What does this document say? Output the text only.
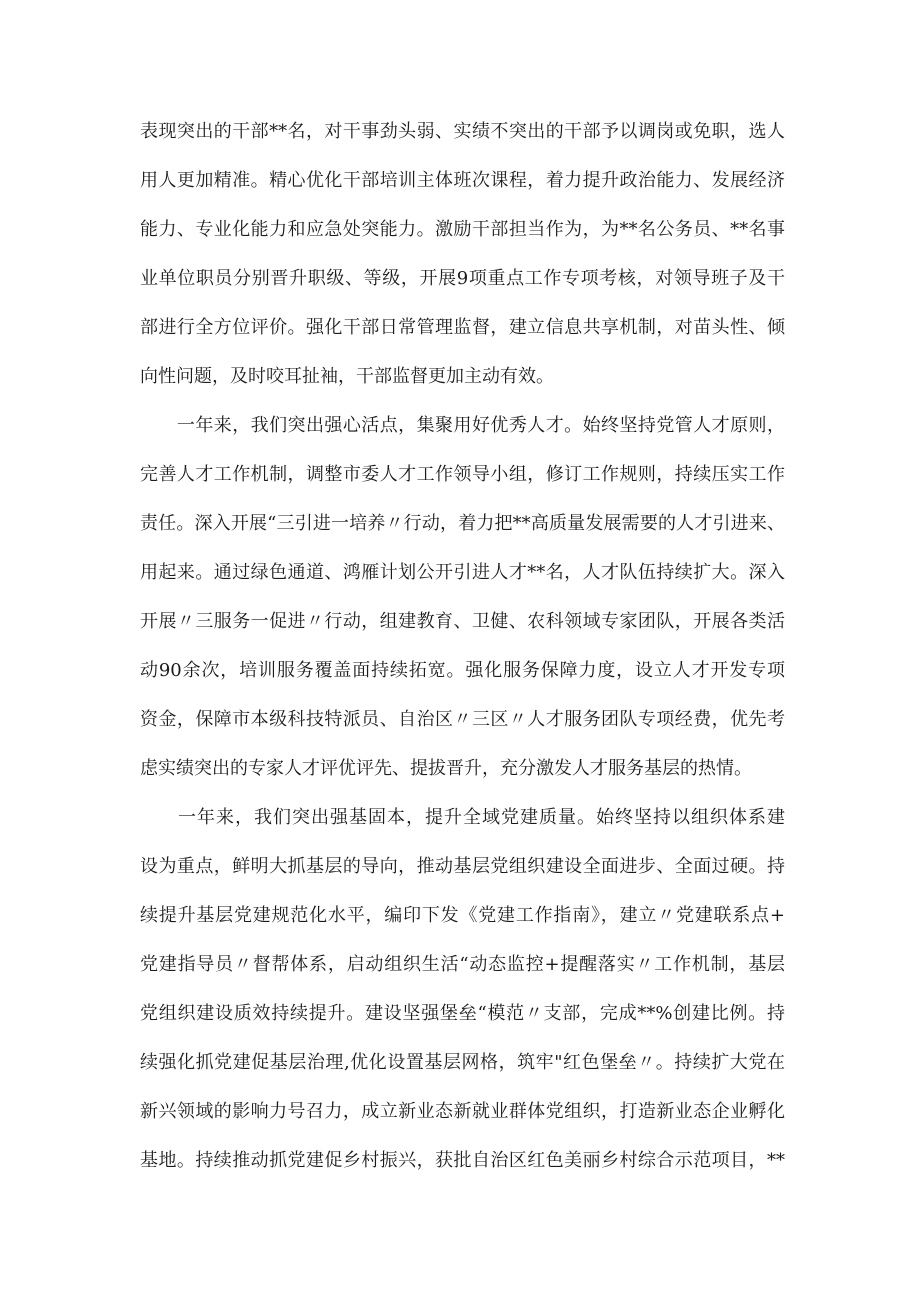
表现突出的干部**名，对干事劲头弱、实绩不突出的干部予以调岗或免职，选人
用人更加精准。精心优化干部培训主体班次课程，着力提升政治能力、发展经济
能力、专业化能力和应急处突能力。激励干部担当作为，为**名公务员、**名事
业单位职员分别晋升职级、等级，开展9项重点工作专项考核，对领导班子及干
部进行全方位评价。强化干部日常管理监督，建立信息共享机制，对苗头性、倾
向性问题，及时咬耳扯袖，干部监督更加主动有效。
　　一年来，我们突出强心活点，集聚用好优秀人才。始终坚持党管人才原则，
完善人才工作机制，调整市委人才工作领导小组，修订工作规则，持续压实工作
责任。深入开展“三引进一培养〃行动，着力把**高质量发展需要的人才引进来、
用起来。通过绿色通道、鸿雁计划公开引进人才**名，人才队伍持续扩大。深入
开展〃三服务一促进〃行动，组建教育、卫健、农科领域专家团队，开展各类活
动90余次，培训服务覆盖面持续拓宽。强化服务保障力度，设立人才开发专项
资金，保障市本级科技特派员、自治区〃三区〃人才服务团队专项经费，优先考
虑实绩突出的专家人才评优评先、提拔晋升，充分激发人才服务基层的热情。
　　一年来，我们突出强基固本，提升全域党建质量。始终坚持以组织体系建
设为重点，鲜明大抓基层的导向，推动基层党组织建设全面进步、全面过硬。持
续提升基层党建规范化水平，编印下发《党建工作指南》，建立〃党建联系点+
党建指导员〃督帮体系，启动组织生活“动态监控+提醒落实〃工作机制，基层
党组织建设质效持续提升。建设坚强堡垒“模范〃支部，完成**%创建比例。持
续强化抓党建促基层治理,优化设置基层网格，筑牢"红色堡垒〃。持续扩大党在
新兴领域的影响力号召力，成立新业态新就业群体党组织，打造新业态企业孵化
基地。持续推动抓党建促乡村振兴，获批自治区红色美丽乡村综合示范项目，**
